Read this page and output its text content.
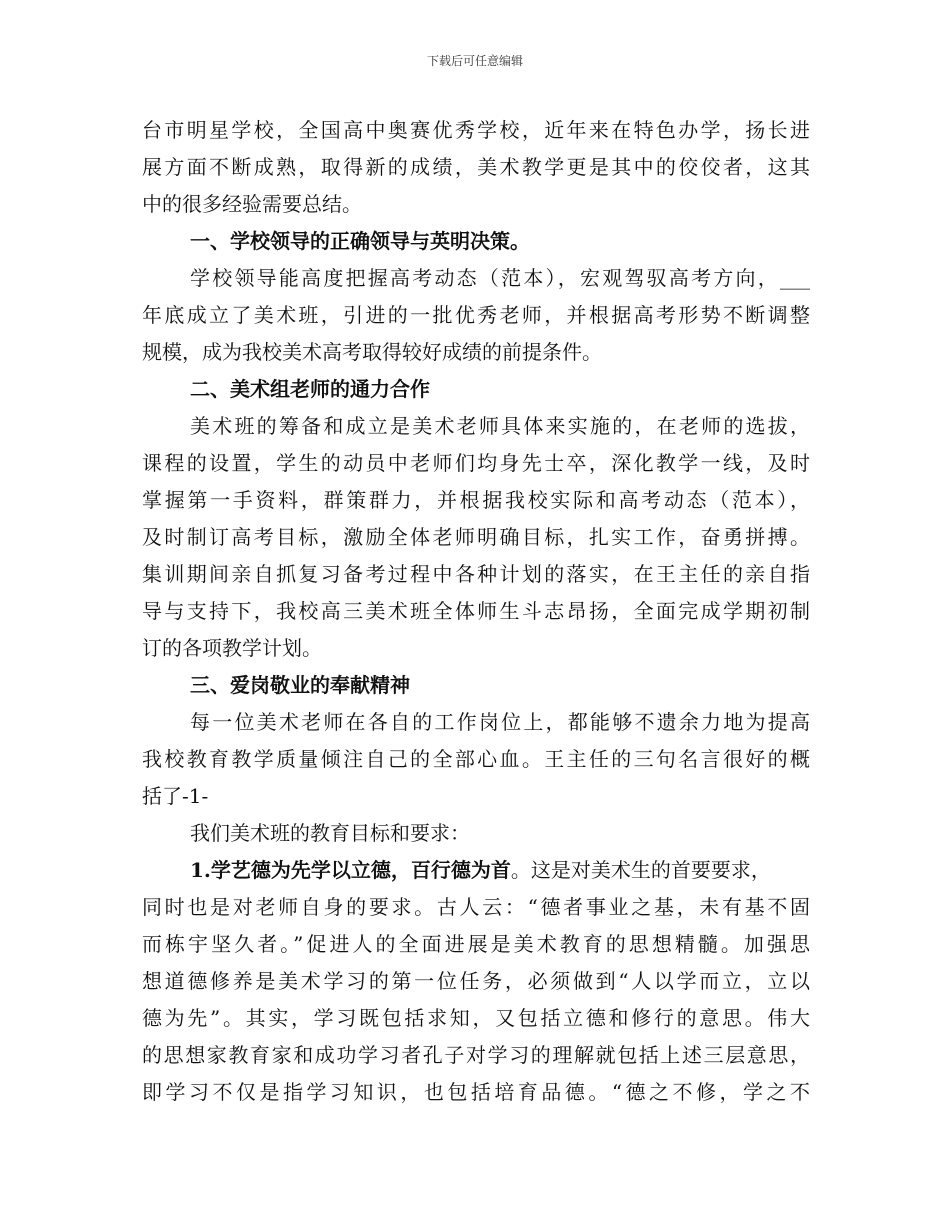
下载后可任意编辑
台市明星学校，全国高中奥赛优秀学校，近年来在特色办学，扬长进
展方面不断成熟，取得新的成绩，美术教学更是其中的佼佼者，这其
中的很多经验需要总结。
一、学校领导的正确领导与英明决策。
学校领导能高度把握高考动态（范本），宏观驾驭高考方向，___
年底成立了美术班，引进的一批优秀老师，并根据高考形势不断调整
规模，成为我校美术高考取得较好成绩的前提条件。
二、美术组老师的通力合作
美术班的筹备和成立是美术老师具体来实施的，在老师的选拔，
课程的设置，学生的动员中老师们均身先士卒，深化教学一线，及时
掌握第一手资料，群策群力，并根据我校实际和高考动态（范本），
及时制订高考目标，激励全体老师明确目标，扎实工作，奋勇拼搏。
集训期间亲自抓复习备考过程中各种计划的落实，在王主任的亲自指
导与支持下，我校高三美术班全体师生斗志昂扬，全面完成学期初制
订的各项教学计划。
三、爱岗敬业的奉献精神
每一位美术老师在各自的工作岗位上，都能够不遗余力地为提高
我校教育教学质量倾注自己的全部心血。王主任的三句名言很好的概
括了-1-
我们美术班的教育目标和要求：
1.学艺德为先学以立德，百行德为首。这是对美术生的首要要求，
同时也是对老师自身的要求。古人云：“德者事业之基，未有基不固
而栋宇坚久者。”促进人的全面进展是美术教育的思想精髓。加强思
想道德修养是美术学习的第一位任务，必须做到“人以学而立，立以
德为先”。其实，学习既包括求知，又包括立德和修行的意思。伟大
的思想家教育家和成功学习者孔子对学习的理解就包括上述三层意思，
即学习不仅是指学习知识，也包括培育品德。“德之不修，学之不
